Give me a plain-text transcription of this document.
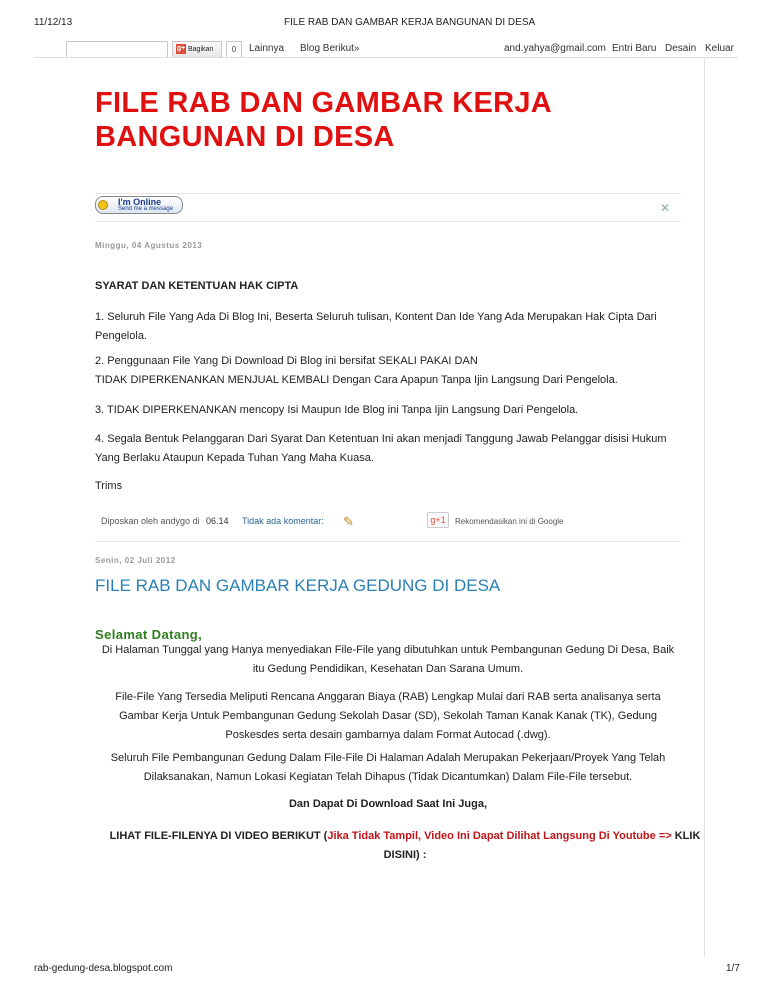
11/12/13	FILE RAB DAN GAMBAR KERJA BANGUNAN DI DESA
g+ Bagikan	0	Lainnya Blog Berikut»	and.yahya@gmail.com Entri Baru Desain Keluar
FILE RAB DAN GAMBAR KERJA BANGUNAN DI DESA
I'm Online
Send me a message	✕
Minggu, 04 Agustus 2013
SYARAT DAN KETENTUAN HAK CIPTA
1. Seluruh File Yang Ada Di Blog Ini, Beserta Seluruh tulisan, Kontent Dan Ide Yang Ada Merupakan Hak Cipta Dari Pengelola.
2. Penggunaan File Yang Di Download Di Blog ini bersifat SEKALI PAKAI DAN
TIDAK DIPERKENANKAN MENJUAL KEMBALI Dengan Cara Apapun Tanpa Ijin Langsung Dari Pengelola.
3. TIDAK DIPERKENANKAN mencopy Isi Maupun Ide Blog ini Tanpa Ijin Langsung Dari Pengelola.
4. Segala Bentuk Pelanggaran Dari Syarat Dan Ketentuan Ini akan menjadi Tanggung Jawab Pelanggar disisi Hukum Yang Berlaku Ataupun Kepada Tuhan Yang Maha Kuasa.
Trims
Diposkan oleh andygo di 06.14 Tidak ada komentar: ✎	g+1	Rekomendasikan ini di Google
Senin, 02 Juli 2012
FILE RAB DAN GAMBAR KERJA GEDUNG DI DESA
Selamat Datang,
Di Halaman Tunggal yang Hanya menyediakan File-File yang dibutuhkan untuk Pembangunan Gedung Di Desa, Baik itu Gedung Pendidikan, Kesehatan Dan Sarana Umum.
File-File Yang Tersedia Meliputi Rencana Anggaran Biaya (RAB) Lengkap Mulai dari RAB serta analisanya serta Gambar Kerja Untuk Pembangunan Gedung Sekolah Dasar (SD), Sekolah Taman Kanak Kanak (TK), Gedung Poskesdes serta desain gambarnya dalam Format Autocad (.dwg).
Seluruh File Pembangunan Gedung Dalam File-File Di Halaman Adalah Merupakan Pekerjaan/Proyek Yang Telah Dilaksanakan, Namun Lokasi Kegiatan Telah Dihapus (Tidak Dicantumkan) Dalam File-File tersebut.
Dan Dapat Di Download Saat Ini Juga,
LIHAT FILE-FILENYA DI VIDEO BERIKUT (Jika Tidak Tampil, Video Ini Dapat Dilihat Langsung Di Youtube => KLIK DISINI) :
rab-gedung-desa.blogspot.com	1/7
